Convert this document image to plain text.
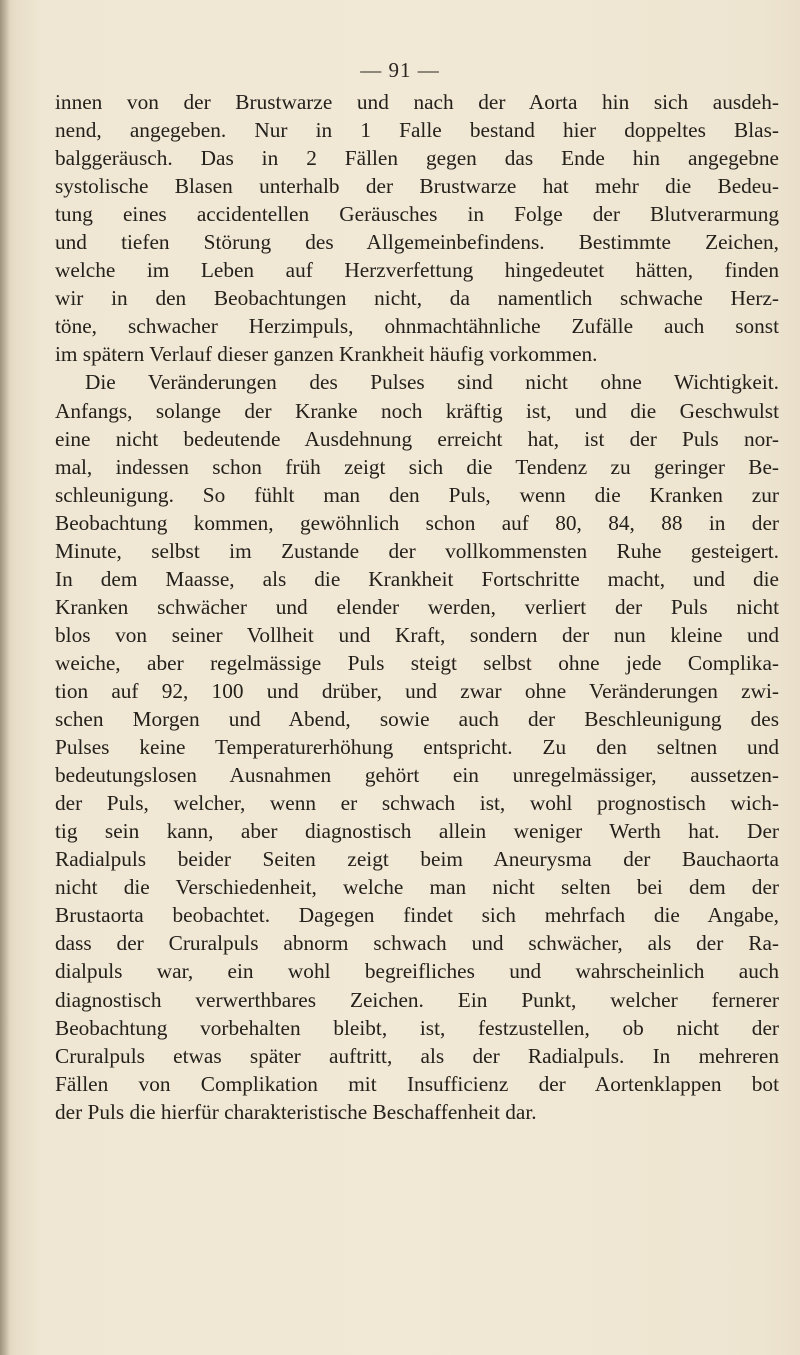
— 91 —
innen von der Brustwarze und nach der Aorta hin sich ausdeh-
nend, angegeben. Nur in 1 Falle bestand hier doppeltes Blas-
balggeräusch. Das in 2 Fällen gegen das Ende hin angegebne
systolische Blasen unterhalb der Brustwarze hat mehr die Bedeu-
tung eines accidentellen Geräusches in Folge der Blutverarmung
und tiefen Störung des Allgemeinbefindens. Bestimmte Zeichen,
welche im Leben auf Herzverfettung hingedeutet hätten, finden
wir in den Beobachtungen nicht, da namentlich schwache Herz-
töne, schwacher Herzimpuls, ohnmachtähnliche Zufälle auch sonst
im spätern Verlauf dieser ganzen Krankheit häufig vorkommen.
Die Veränderungen des Pulses sind nicht ohne Wichtigkeit.
Anfangs, solange der Kranke noch kräftig ist, und die Geschwulst
eine nicht bedeutende Ausdehnung erreicht hat, ist der Puls nor-
mal, indessen schon früh zeigt sich die Tendenz zu geringer Be-
schleunigung. So fühlt man den Puls, wenn die Kranken zur
Beobachtung kommen, gewöhnlich schon auf 80, 84, 88 in der
Minute, selbst im Zustande der vollkommensten Ruhe gesteigert.
In dem Maasse, als die Krankheit Fortschritte macht, und die
Kranken schwächer und elender werden, verliert der Puls nicht
blos von seiner Vollheit und Kraft, sondern der nun kleine und
weiche, aber regelmässige Puls steigt selbst ohne jede Complika-
tion auf 92, 100 und drüber, und zwar ohne Veränderungen zwi-
schen Morgen und Abend, sowie auch der Beschleunigung des
Pulses keine Temperaturerhöhung entspricht. Zu den seltnen und
bedeutungslosen Ausnahmen gehört ein unregelmässiger, aussetzen-
der Puls, welcher, wenn er schwach ist, wohl prognostisch wich-
tig sein kann, aber diagnostisch allein weniger Werth hat. Der
Radialpuls beider Seiten zeigt beim Aneurysma der Bauchaorta
nicht die Verschiedenheit, welche man nicht selten bei dem der
Brustaorta beobachtet. Dagegen findet sich mehrfach die Angabe,
dass der Cruralpuls abnorm schwach und schwächer, als der Ra-
dialpuls war, ein wohl begreifliches und wahrscheinlich auch
diagnostisch verwerthbares Zeichen. Ein Punkt, welcher fernerer
Beobachtung vorbehalten bleibt, ist, festzustellen, ob nicht der
Cruralpuls etwas später auftritt, als der Radialpuls. In mehreren
Fällen von Complikation mit Insufficienz der Aortenklappen bot
der Puls die hierfür charakteristische Beschaffenheit dar.
